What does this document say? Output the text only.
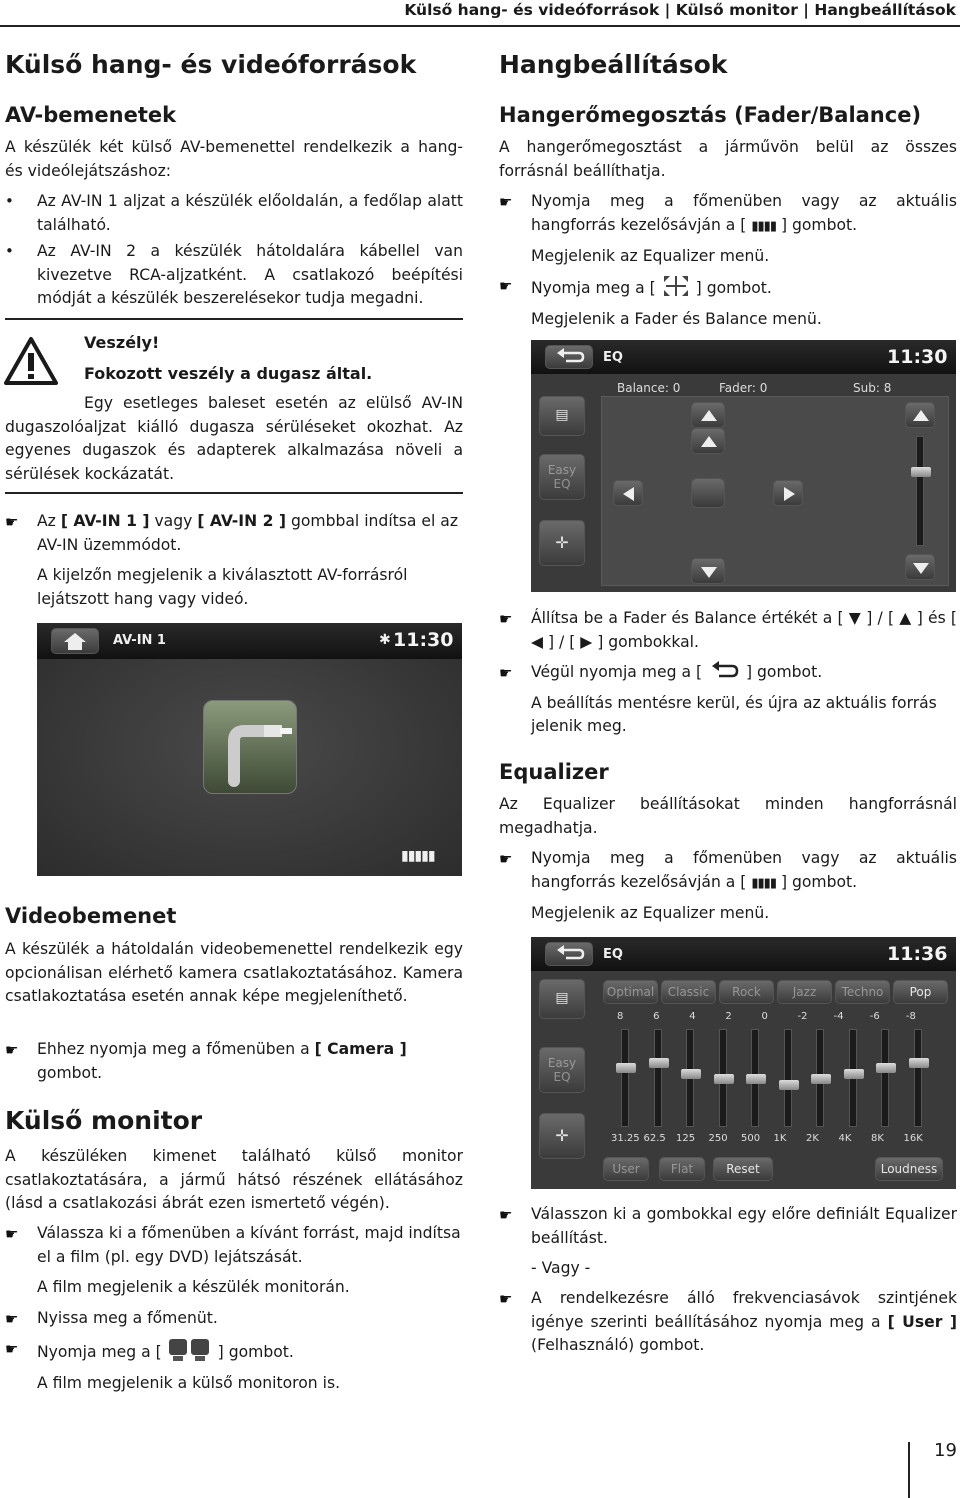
Külső hang- és videóforrások | Külső monitor | Hangbeállítások
Külső hang- és videóforrások
AV-bemenetek
A készülék két külső AV-bemenettel rendelkezik a hang- és videólejátszáshoz:
•	Az AV-IN 1 aljzat a készülék előoldalán, a fedőlap alatt található.
•	Az AV-IN 2 a készülék hátoldalára kábellel van kivezetve RCA-aljzatként. A csatlakozó beépítési módját a készülék beszerelésekor tudja megadni.
Veszély!
Fokozott veszély a dugasz által.
Egy esetleges baleset esetén az elülső AV-IN dugaszolóaljzat kiálló dugasza sérüléseket okozhat. Az egyenes dugaszok és adapterek alkalmazása növeli a sérülések kockázatát.
☛	Az [ AV-IN 1 ] vagy [ AV-IN 2 ] gombbal indítsa el az AV-IN üzemmódot.
A kijelzőn megjelenik a kiválasztott AV-forrásról lejátszott hang vagy videó.
AV-IN 1	✱ 11:30
▮▮▮▮▮
Videobemenet
A készülék a hátoldalán videobemenettel rendelkezik egy opcionálisan elérhető kamera csatlakoztatásához. Kamera csatlakoztatása esetén annak képe megjeleníthető.
☛	Ehhez nyomja meg a főmenüben a [ Camera ] gombot.
Külső monitor
A készüléken kimenet található külső monitor csatlakoztatására, a jármű hátsó részének ellátásához (lásd a csatlakozási ábrát ezen ismertető végén).
☛	Válassza ki a főmenüben a kívánt forrást, majd indítsa el a film (pl. egy DVD) lejátszását.
A film megjelenik a készülék monitorán.
☛	Nyissa meg a főmenüt.
☛	Nyomja meg a [	] gombot.
A film megjelenik a külső monitoron is.
Hangbeállítások
Hangerőmegosztás (Fader/Balance)
A hangerőmegosztást a járművön belül az összes forrásnál beállíthatja.
☛	Nyomja meg a főmenüben vagy az aktuális hangforrás kezelősávján a [ ▮▮▮▮ ] gombot.
Megjelenik az Equalizer menü.
☛	Nyomja meg a [	] gombot.
Megjelenik a Fader és Balance menü.
EQ	11:30
Balance: 0	Fader: 0	Sub: 8
▤
Easy EQ
✛
☛	Állítsa be a Fader és Balance értékét a [ ▼ ] / [ ▲ ] és [ ◀ ] / [ ▶ ] gombokkal.
☛	Végül nyomja meg a [	] gombot.
A beállítás mentésre kerül, és újra az aktuális forrás jelenik meg.
Equalizer
Az Equalizer beállításokat minden hangforrásnál megadhatja.
☛	Nyomja meg a főmenüben vagy az aktuális hangforrás kezelősávján a [ ▮▮▮▮ ] gombot.
Megjelenik az Equalizer menü.
EQ	11:36
▤
Easy EQ
✛
Optimal	Classic	Rock	Jazz	Techno	Pop
8	6	4	2	0	-2	-4	-6	-8
31.25 62.5 125 250 500 1K 2K 4K 8K 16K
User	Flat	Reset	Loudness
☛	Válasszon ki a gombokkal egy előre definiált Equalizer beállítást.
- Vagy -
☛	A rendelkezésre álló frekvenciasávok szintjének igénye szerinti beállításához nyomja meg a [ User ] (Felhasználó) gombot.
19
